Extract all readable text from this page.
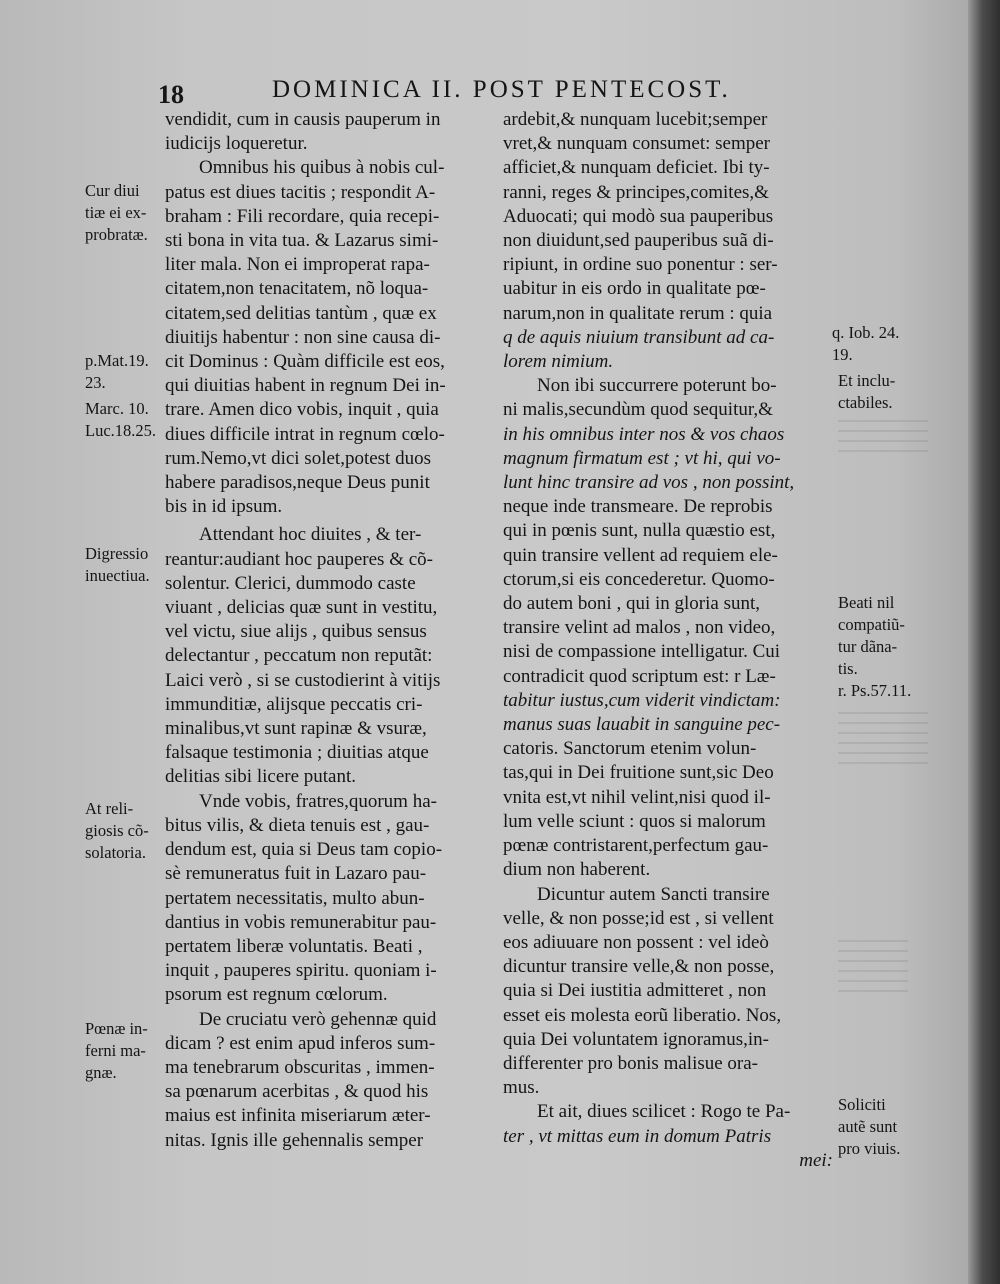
18	DOMINICA II. POST PENTECOST.
vendidit, cum in causis pauperum in
iudicijs loqueretur.
Omnibus his quibus à nobis cul-
patus est diues tacitis ; respondit A-
braham : Fili recordare, quia recepi-
sti bona in vita tua. & Lazarus simi-
liter mala. Non ei improperat rapa-
citatem,non tenacitatem, nõ loqua-
citatem,sed delitias tantùm , quæ ex
diuitijs habentur : non sine causa di-
cit Dominus : Quàm difficile est eos,
qui diuitias habent in regnum Dei in-
trare. Amen dico vobis, inquit , quia
diues difficile intrat in regnum cœlo-
rum.Nemo,vt dici solet,potest duos
habere paradisos,neque Deus punit
bis in id ipsum.
Attendant hoc diuites , & ter-
reantur:audiant hoc pauperes & cõ-
solentur. Clerici, dummodo caste
viuant , delicias quæ sunt in vestitu,
vel victu, siue alijs , quibus sensus
delectantur , peccatum non reputãt:
Laici verò , si se custodierint à vitijs
immunditiæ, alijsque peccatis cri-
minalibus,vt sunt rapinæ & vsuræ,
falsaque testimonia ; diuitias atque
delitias sibi licere putant.
Vnde vobis, fratres,quorum ha-
bitus vilis, & dieta tenuis est , gau-
dendum est, quia si Deus tam copio-
sè remuneratus fuit in Lazaro pau-
pertatem necessitatis, multo abun-
dantius in vobis remunerabitur pau-
pertatem liberæ voluntatis. Beati ,
inquit , pauperes spiritu. quoniam i-
psorum est regnum cœlorum.
De cruciatu verò gehennæ quid
dicam ? est enim apud inferos sum-
ma tenebrarum obscuritas , immen-
sa pœnarum acerbitas , & quod his
maius est infinita miseriarum æter-
nitas. Ignis ille gehennalis semper
ardebit,& nunquam lucebit;semper
vret,& nunquam consumet: semper
afficiet,& nunquam deficiet. Ibi ty-
ranni, reges & principes,comites,&
Aduocati; qui modò sua pauperibus
non diuidunt,sed pauperibus suã di-
ripiunt, in ordine suo ponentur : ser-
uabitur in eis ordo in qualitate pœ-
narum,non in qualitate rerum : quia
q de aquis niuium transibunt ad ca-
lorem nimium.
Non ibi succurrere poterunt bo-
ni malis,secundùm quod sequitur,&
in his omnibus inter nos & vos chaos
magnum firmatum est ; vt hi, qui vo-
lunt hinc transire ad vos , non possint,
neque inde transmeare. De reprobis
qui in pœnis sunt, nulla quæstio est,
quin transire vellent ad requiem ele-
ctorum,si eis concederetur. Quomo-
do autem boni , qui in gloria sunt,
transire velint ad malos , non video,
nisi de compassione intelligatur. Cui
contradicit quod scriptum est: r Læ-
tabitur iustus,cum viderit vindictam:
manus suas lauabit in sanguine pec-
catoris. Sanctorum etenim volun-
tas,qui in Dei fruitione sunt,sic Deo
vnita est,vt nihil velint,nisi quod il-
lum velle sciunt : quos si malorum
pœnæ contristarent,perfectum gau-
dium non haberent.
Dicuntur autem Sancti transire
velle, & non posse;id est , si vellent
eos adiuuare non possent : vel ideò
dicuntur transire velle,& non posse,
quia si Dei iustitia admitteret , non
esset eis molesta eorũ liberatio. Nos,
quia Dei voluntatem ignoramus,in-
differenter pro bonis malisue ora-
mus.
Et ait, diues scilicet : Rogo te Pa-
ter , vt mittas eum in domum Patris
mei:
Cur diui
tiæ ei ex-
probratæ.
p.Mat.19.
23.
Marc. 10.
Luc.18.25.
Digressio
inuectiua.
At reli-
giosis cõ-
solatoria.
Pœnæ in-
ferni ma-
gnæ.
q. Iob. 24.
19.
Et inclu-
ctabiles.
Beati nil
compatiũ-
tur dãna-
tis.
r. Ps.57.11.
Soliciti
autẽ sunt
pro viuis.
